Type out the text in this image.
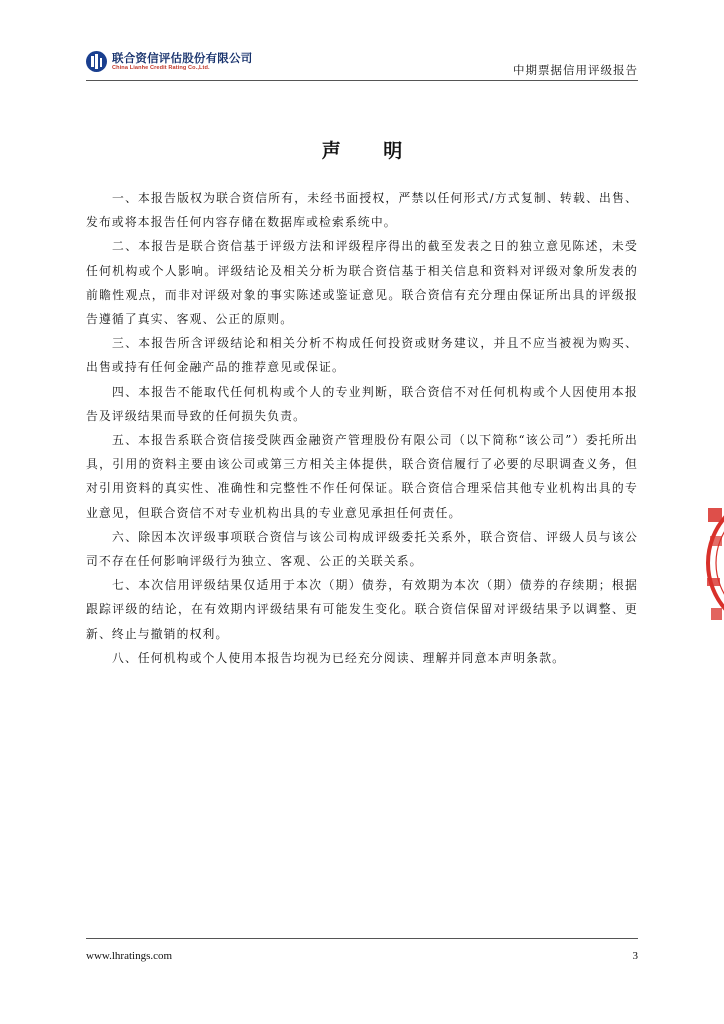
联合资信评估股份有限公司
China Lianhe Credit Rating Co.,Ltd.	中期票据信用评级报告
声 明

一、本报告版权为联合资信所有，未经书面授权，严禁以任何形式/方式复制、转载、出售、发布或将本报告任何内容存储在数据库或检索系统中。

二、本报告是联合资信基于评级方法和评级程序得出的截至发表之日的独立意见陈述，未受任何机构或个人影响。评级结论及相关分析为联合资信基于相关信息和资料对评级对象所发表的前瞻性观点，而非对评级对象的事实陈述或鉴证意见。联合资信有充分理由保证所出具的评级报告遵循了真实、客观、公正的原则。

三、本报告所含评级结论和相关分析不构成任何投资或财务建议，并且不应当被视为购买、出售或持有任何金融产品的推荐意见或保证。

四、本报告不能取代任何机构或个人的专业判断，联合资信不对任何机构或个人因使用本报告及评级结果而导致的任何损失负责。

五、本报告系联合资信接受陕西金融资产管理股份有限公司（以下简称“该公司”）委托所出具，引用的资料主要由该公司或第三方相关主体提供，联合资信履行了必要的尽职调查义务，但对引用资料的真实性、准确性和完整性不作任何保证。联合资信合理采信其他专业机构出具的专业意见，但联合资信不对专业机构出具的专业意见承担任何责任。

六、除因本次评级事项联合资信与该公司构成评级委托关系外，联合资信、评级人员与该公司不存在任何影响评级行为独立、客观、公正的关联关系。

七、本次信用评级结果仅适用于本次（期）债券，有效期为本次（期）债券的存续期；根据跟踪评级的结论，在有效期内评级结果有可能发生变化。联合资信保留对评级结果予以调整、更新、终止与撤销的权利。

八、任何机构或个人使用本报告均视为已经充分阅读、理解并同意本声明条款。

www.lhratings.com	3
